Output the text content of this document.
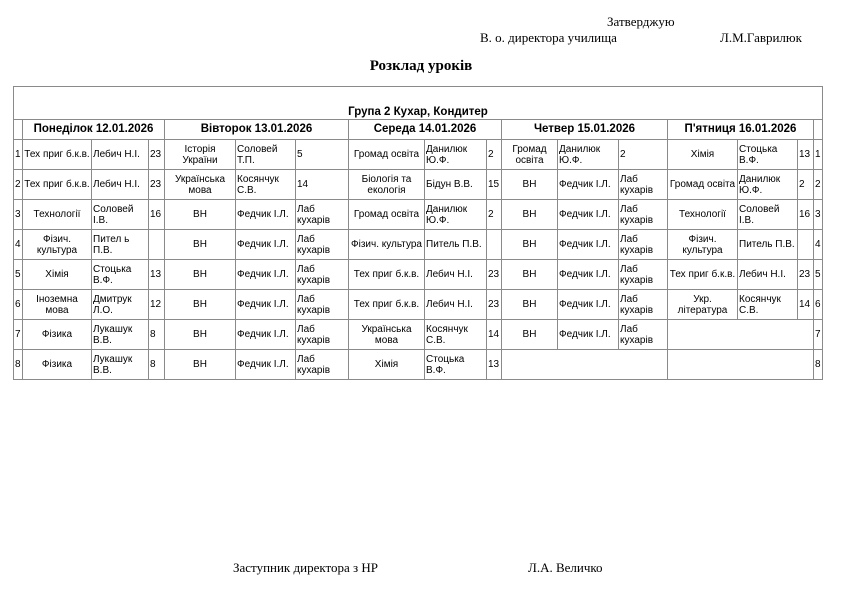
Затверджую
В. о. директора училища	Л.М.Гаврилюк
Розклад уроків

Група 2 Кухар, Кондитер																
	Понеділок 12.01.2026			Вівторок 13.01.2026			Середа 14.01.2026			Четвер 15.01.2026			П'ятниця 16.01.2026			
1	Тех приг б.к.в.	Лебич Н.І.	23	Історія України	Соловей Т.П.	5	Громад освіта	Данилюк Ю.Ф.	2	Громад освіта	Данилюк Ю.Ф.	2	Хімія	Стоцька В.Ф.	13	1
2	Тех приг б.к.в.	Лебич Н.І.	23	Українська мова	Косянчук С.В.	14	Біологія та екологія	Бідун В.В.	15	ВН	Федчик І.Л.	Лаб кухарів	Громад освіта	Данилюк Ю.Ф.	2	2
3	Технології	Соловей І.В.	16	ВН	Федчик І.Л.	Лаб кухарів	Громад освіта	Данилюк Ю.Ф.	2	ВН	Федчик І.Л.	Лаб кухарів	Технології	Соловей І.В.	16	3
4	Фізич. культура	Пител ь П.В.		ВН	Федчик І.Л.	Лаб кухарів	Фізич. культура	Питель П.В.		ВН	Федчик І.Л.	Лаб кухарів	Фізич. культура	Питель П.В.		4
5	Хімія	Стоцька В.Ф.	13	ВН	Федчик І.Л.	Лаб кухарів	Тех приг б.к.в.	Лебич Н.І.	23	ВН	Федчик І.Л.	Лаб кухарів	Тех приг б.к.в.	Лебич Н.І.	23	5
6	Іноземна мова	Дмитрук Л.О.	12	ВН	Федчик І.Л.	Лаб кухарів	Тех приг б.к.в.	Лебич Н.І.	23	ВН	Федчик І.Л.	Лаб кухарів	Укр. література	Косянчук С.В.	14	6
7	Фізика	Лукашук В.В.	8	ВН	Федчик І.Л.	Лаб кухарів	Українська мова	Косянчук С.В.	14	ВН	Федчик І.Л.	Лаб кухарів				7
8	Фізика	Лукашук В.В.	8	ВН	Федчик І.Л.	Лаб кухарів	Хімія	Стоцька В.Ф.	13							8
Заступник директора з НР	Л.А. Величко
